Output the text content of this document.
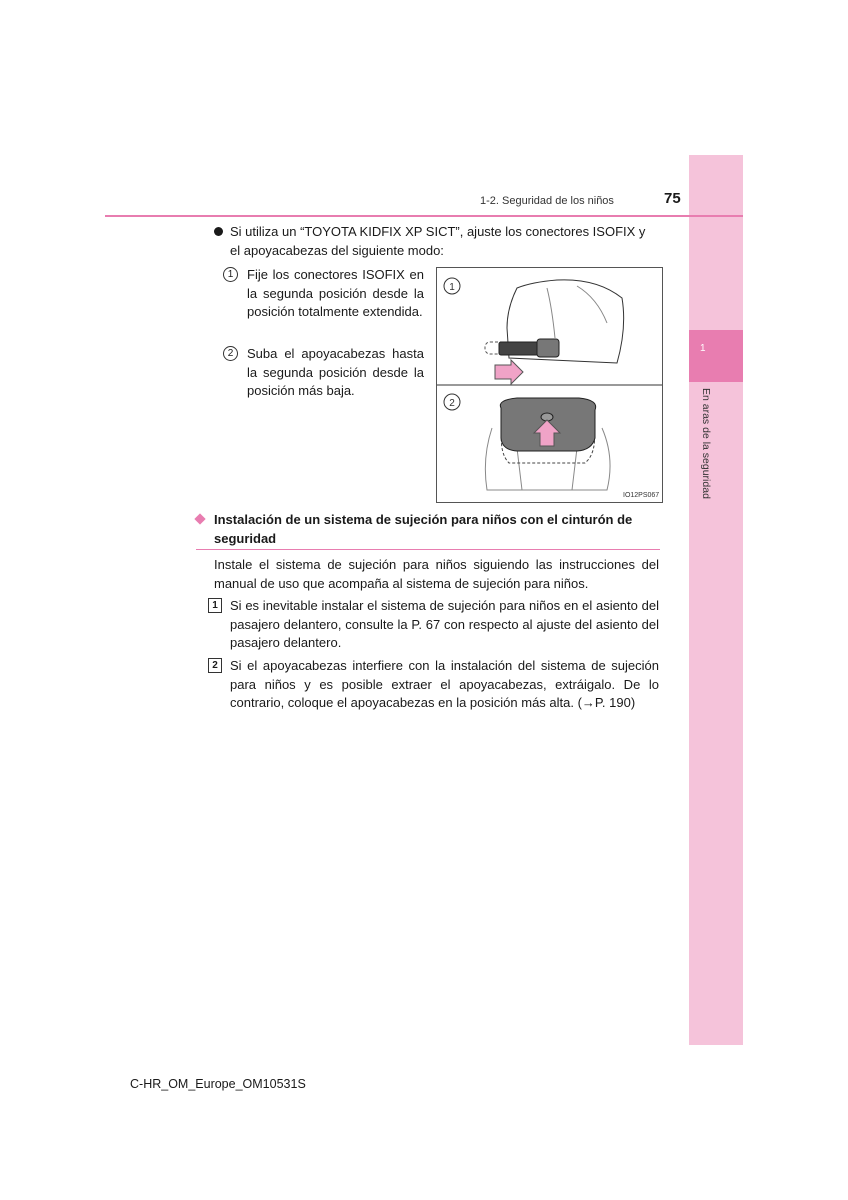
1
En aras de la seguridad
1-2. Seguridad de los niños	75
Si utiliza un “TOYOTA KIDFIX XP SICT”, ajuste los conectores ISOFIX y el apoyacabezas del siguiente modo:
1	Fije los conectores ISOFIX en la segunda posición desde la posición totalmente extendida.
2	Suba el apoyacabezas hasta la segunda posición desde la posición más baja.
1
2
IO12PS067
Instalación de un sistema de sujeción para niños con el cinturón de seguridad
Instale el sistema de sujeción para niños siguiendo las instrucciones del manual de uso que acompaña al sistema de sujeción para niños.
1 Si es inevitable instalar el sistema de sujeción para niños en el asiento del pasajero delantero, consulte la P. 67 con respecto al ajuste del asiento del pasajero delantero.
2 Si el apoyacabezas interfiere con la instalación del sistema de sujeción para niños y es posible extraer el apoyacabezas, extráigalo. De lo contrario, coloque el apoyacabezas en la posición más alta. (→P. 190)
C-HR_OM_Europe_OM10531S
